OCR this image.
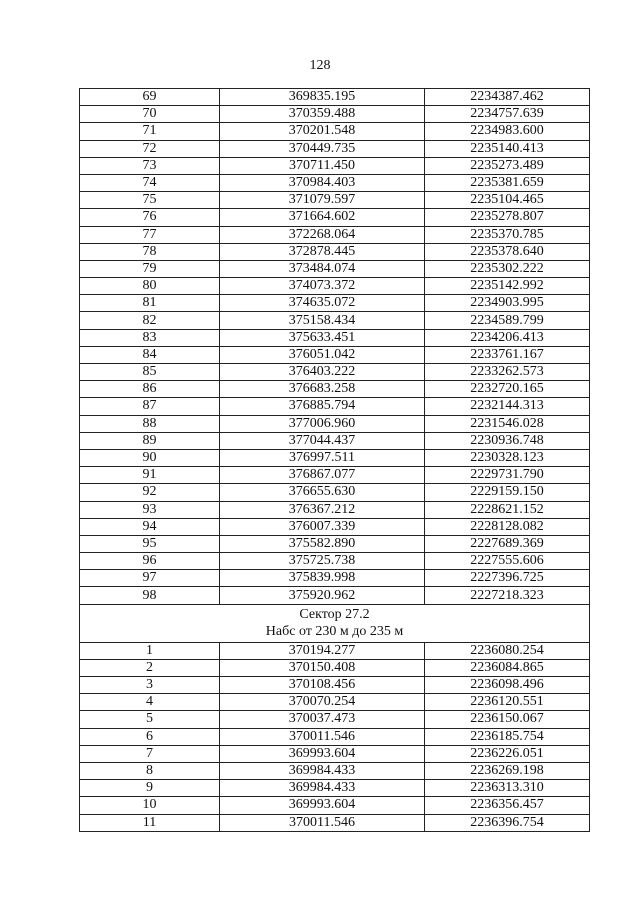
128
69	369835.195	2234387.462
70	370359.488	2234757.639
71	370201.548	2234983.600
72	370449.735	2235140.413
73	370711.450	2235273.489
74	370984.403	2235381.659
75	371079.597	2235104.465
76	371664.602	2235278.807
77	372268.064	2235370.785
78	372878.445	2235378.640
79	373484.074	2235302.222
80	374073.372	2235142.992
81	374635.072	2234903.995
82	375158.434	2234589.799
83	375633.451	2234206.413
84	376051.042	2233761.167
85	376403.222	2233262.573
86	376683.258	2232720.165
87	376885.794	2232144.313
88	377006.960	2231546.028
89	377044.437	2230936.748
90	376997.511	2230328.123
91	376867.077	2229731.790
92	376655.630	2229159.150
93	376367.212	2228621.152
94	376007.339	2228128.082
95	375582.890	2227689.369
96	375725.738	2227555.606
97	375839.998	2227396.725
98	375920.962	2227218.323

Сектор 27.2
Набс от 230 м до 235 м		

1	370194.277	2236080.254
2	370150.408	2236084.865
3	370108.456	2236098.496
4	370070.254	2236120.551
5	370037.473	2236150.067
6	370011.546	2236185.754
7	369993.604	2236226.051
8	369984.433	2236269.198
9	369984.433	2236313.310
10	369993.604	2236356.457
11	370011.546	2236396.754
